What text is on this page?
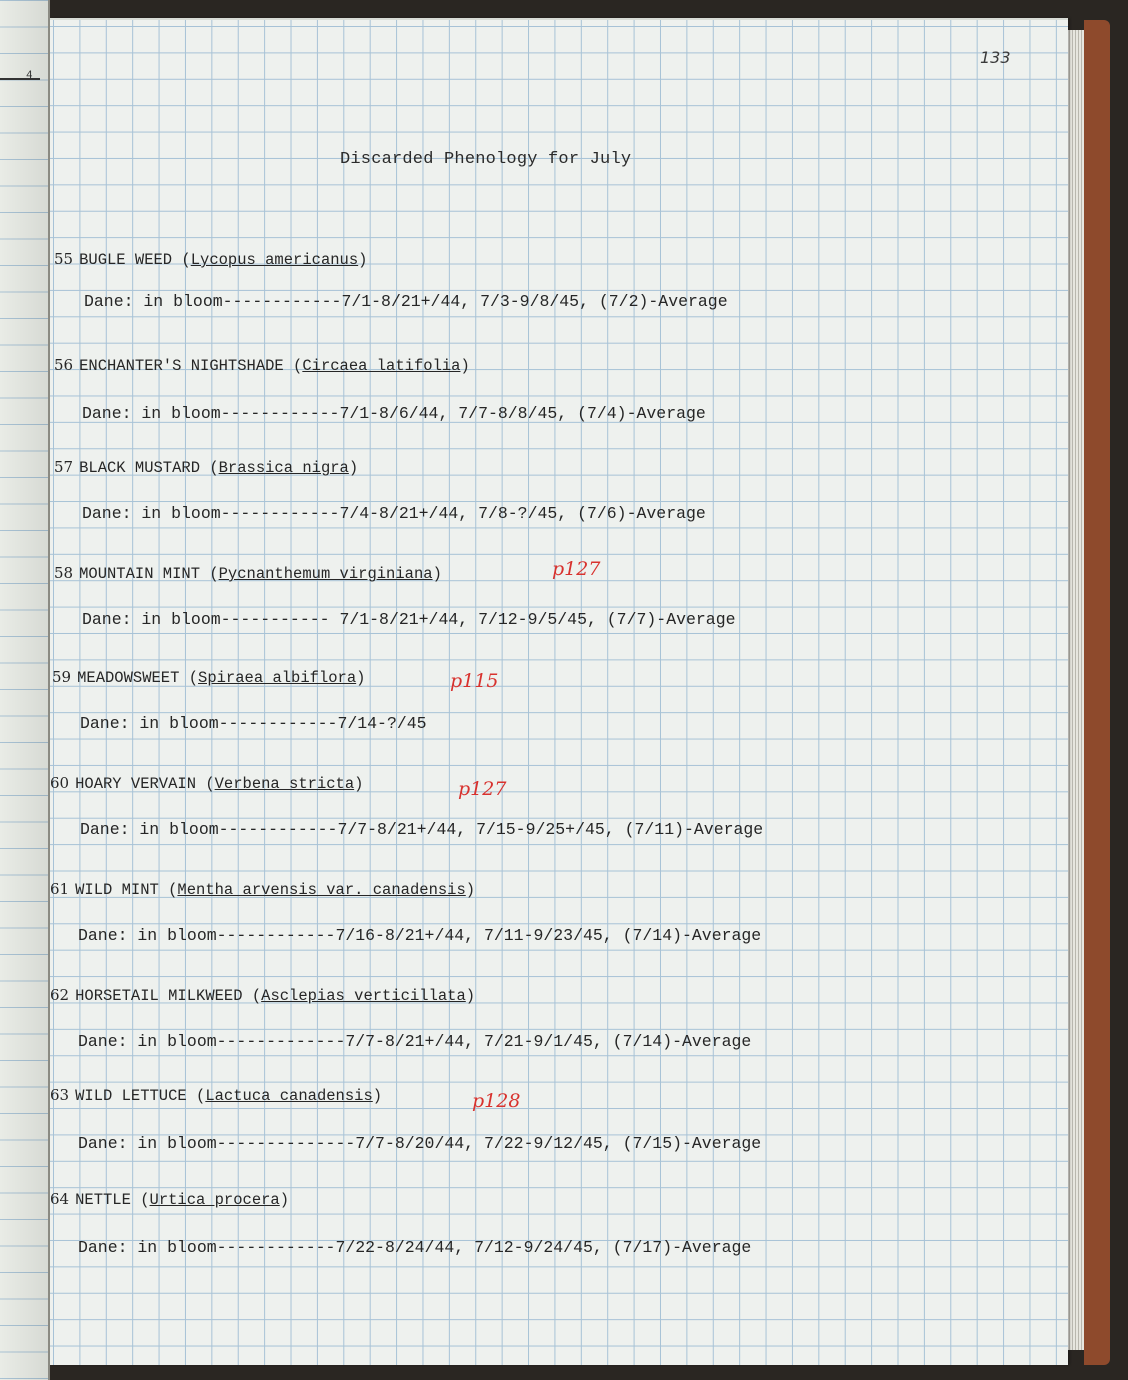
4
133
Discarded Phenology for July
55 BUGLE WEED (Lycopus americanus)
Dane: in bloom------------7/1-8/21+/44, 7/3-9/8/45, (7/2)-Average
56 ENCHANTER'S NIGHTSHADE (Circaea latifolia)
Dane: in bloom------------7/1-8/6/44, 7/7-8/8/45, (7/4)-Average
57 BLACK MUSTARD (Brassica nigra)
Dane: in bloom------------7/4-8/21+/44, 7/8-?/45, (7/6)-Average
58 MOUNTAIN MINT (Pycnanthemum virginiana)	p127
Dane: in bloom----------- 7/1-8/21+/44, 7/12-9/5/45, (7/7)-Average
59 MEADOWSWEET (Spiraea albiflora)	p115
Dane: in bloom------------7/14-?/45
60 HOARY VERVAIN (Verbena stricta)	p127
Dane: in bloom------------7/7-8/21+/44, 7/15-9/25+/45, (7/11)-Average
61 WILD MINT (Mentha arvensis var. canadensis)
Dane: in bloom------------7/16-8/21+/44, 7/11-9/23/45, (7/14)-Average
62 HORSETAIL MILKWEED (Asclepias verticillata)
Dane: in bloom-------------7/7-8/21+/44, 7/21-9/1/45, (7/14)-Average
63 WILD LETTUCE (Lactuca canadensis)	p128
Dane: in bloom--------------7/7-8/20/44, 7/22-9/12/45, (7/15)-Average
64 NETTLE (Urtica procera)
Dane: in bloom------------7/22-8/24/44, 7/12-9/24/45, (7/17)-Average
